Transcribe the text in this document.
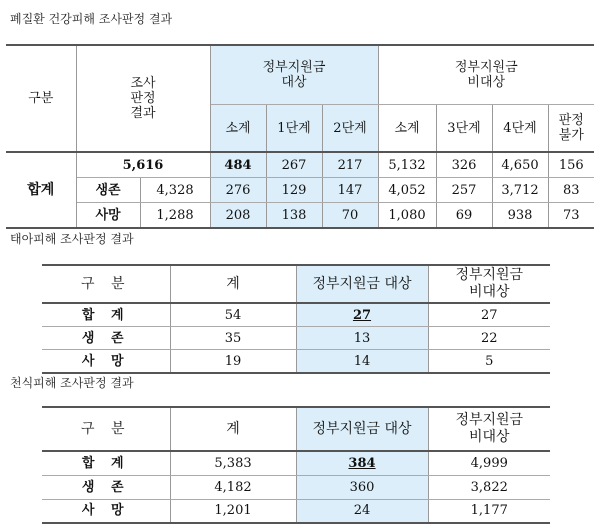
폐질환 건강피해 조사판정 결과
구분	조사
판정
결과		정부지원금
대상			정부지원금
비대상			
			소계	1단계	2단계	소계	3단계	4단계	판정
불가
합계	5,616		484	267	217	5,132	326	4,650	156
	생존	4,328	276	129	147	4,052	257	3,712	83
	사망	1,288	208	138	70	1,080	69	938	73
태아피해 조사판정 결과
구 분	계	정부지원금 대상	정부지원금
비대상
합 계	54	27	27
생 존	35	13	22
사 망	19	14	5
천식피해 조사판정 결과
구 분	계	정부지원금 대상	정부지원금
비대상
합 계	5,383	384	4,999
생 존	4,182	360	3,822
사 망	1,201	24	1,177
